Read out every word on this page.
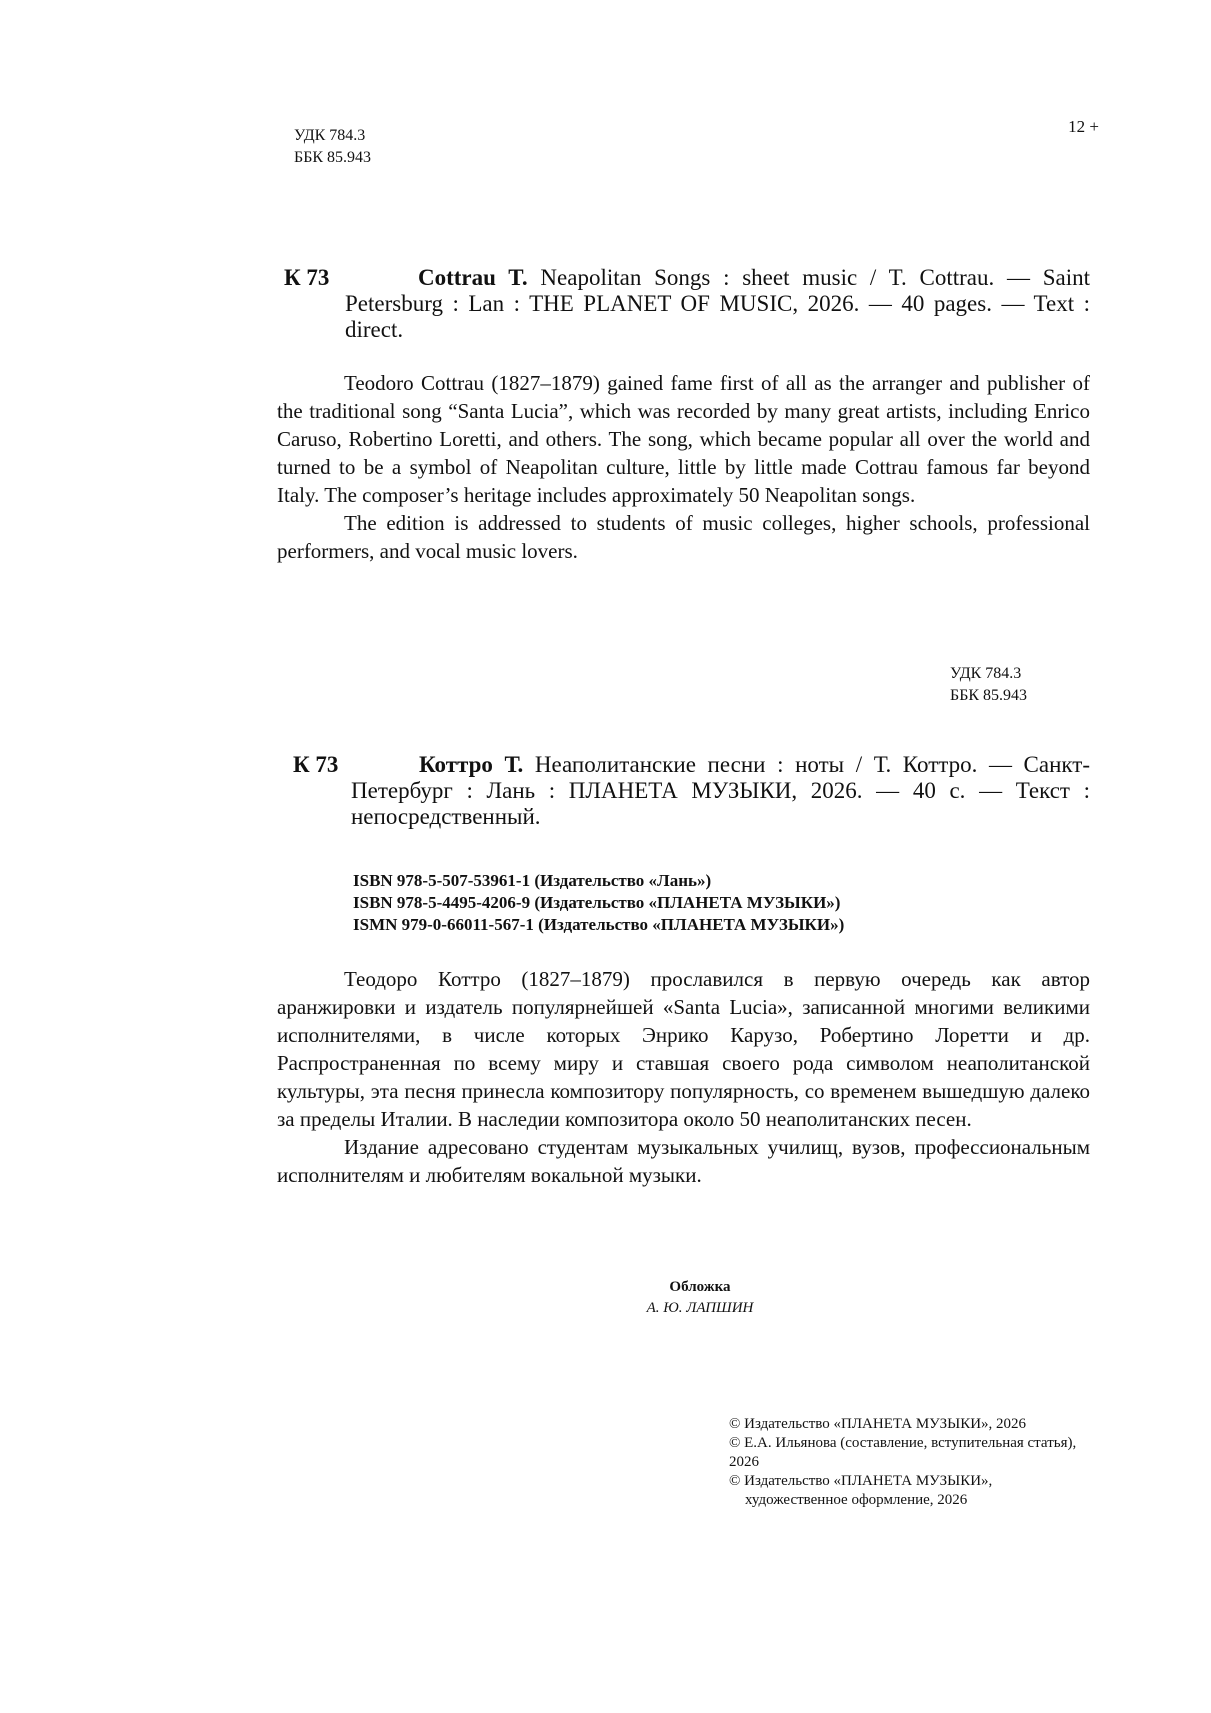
УДК 784.3
ББК 85.943
12 +
К 73	Cottrau T. Neapolitan Songs : sheet music / T. Cottrau. — Saint Petersburg : Lan : THE PLANET OF MUSIC, 2026. — 40 pages. — Text : direct.

Teodoro Cottrau (1827–1879) gained fame first of all as the arranger and publisher of the traditional song “Santa Lucia”, which was recorded by many great artists, including Enrico Caruso, Robertino Loretti, and others. The song, which became popular all over the world and turned to be a symbol of Neapolitan culture, little by little made Cottrau famous far beyond Italy. The composer’s heritage includes approximately 50 Neapolitan songs.

The edition is addressed to students of music colleges, higher schools, professional performers, and vocal music lovers.

УДК 784.3
ББК 85.943
К 73	Коттро Т. Неаполитанские песни : ноты / Т. Коттро. — Санкт-Петербург : Лань : ПЛАНЕТА МУЗЫКИ, 2026. — 40 с. — Текст : непосредственный.
ISBN 978-5-507-53961-1 (Издательство «Лань»)
ISBN 978-5-4495-4206-9 (Издательство «ПЛАНЕТА МУЗЫКИ»)
ISMN 979-0-66011-567-1 (Издательство «ПЛАНЕТА МУЗЫКИ»)

Теодоро Коттро (1827–1879) прославился в первую очередь как автор аранжировки и издатель популярнейшей «Santa Lucia», записанной многими великими исполнителями, в числе которых Энрико Карузо, Робертино Лоретти и др. Распространенная по всему миру и ставшая своего рода символом неаполитанской культуры, эта песня принесла композитору популярность, со временем вышедшую далеко за пределы Италии. В наследии композитора около 50 неаполитанских песен.

Издание адресовано студентам музыкальных училищ, вузов, профессиональным исполнителям и любителям вокальной музыки.

Обложка
А. Ю. ЛАПШИН
© Издательство «ПЛАНЕТА МУЗЫКИ», 2026
© Е.А. Ильянова (составление, вступительная статья), 2026
© Издательство «ПЛАНЕТА МУЗЫКИ»,
художественное оформление, 2026
